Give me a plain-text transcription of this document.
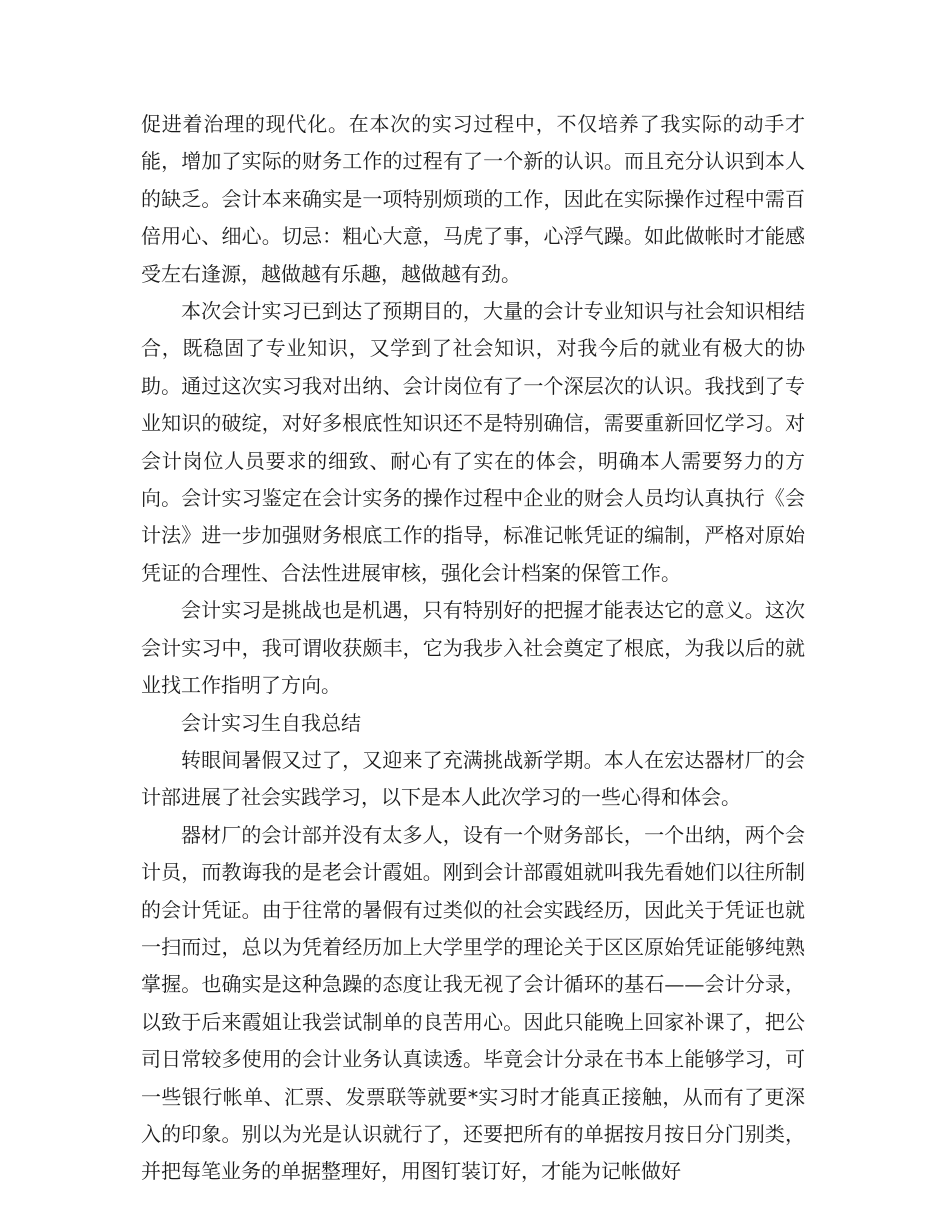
促进着治理的现代化。在本次的实习过程中，不仅培养了我实际的动手才能，增加了实际的财务工作的过程有了一个新的认识。而且充分认识到本人的缺乏。会计本来确实是一项特别烦琐的工作，因此在实际操作过程中需百倍用心、细心。切忌：粗心大意，马虎了事，心浮气躁。如此做帐时才能感受左右逢源，越做越有乐趣，越做越有劲。

本次会计实习已到达了预期目的，大量的会计专业知识与社会知识相结合，既稳固了专业知识，又学到了社会知识，对我今后的就业有极大的协助。通过这次实习我对出纳、会计岗位有了一个深层次的认识。我找到了专业知识的破绽，对好多根底性知识还不是特别确信，需要重新回忆学习。对会计岗位人员要求的细致、耐心有了实在的体会，明确本人需要努力的方向。会计实习鉴定在会计实务的操作过程中企业的财会人员均认真执行《会计法》进一步加强财务根底工作的指导，标准记帐凭证的编制，严格对原始凭证的合理性、合法性进展审核，强化会计档案的保管工作。

会计实习是挑战也是机遇，只有特别好的把握才能表达它的意义。这次会计实习中，我可谓收获颇丰，它为我步入社会奠定了根底，为我以后的就业找工作指明了方向。

会计实习生自我总结

转眼间暑假又过了，又迎来了充满挑战新学期。本人在宏达器材厂的会计部进展了社会实践学习，以下是本人此次学习的一些心得和体会。

器材厂的会计部并没有太多人，设有一个财务部长，一个出纳，两个会计员，而教诲我的是老会计霞姐。刚到会计部霞姐就叫我先看她们以往所制的会计凭证。由于往常的暑假有过类似的社会实践经历，因此关于凭证也就一扫而过，总以为凭着经历加上大学里学的理论关于区区原始凭证能够纯熟掌握。也确实是这种急躁的态度让我无视了会计循环的基石——会计分录，以致于后来霞姐让我尝试制单的良苦用心。因此只能晚上回家补课了，把公司日常较多使用的会计业务认真读透。毕竟会计分录在书本上能够学习，可一些银行帐单、汇票、发票联等就要*实习时才能真正接触，从而有了更深入的印象。别以为光是认识就行了，还要把所有的单据按月按日分门别类，并把每笔业务的单据整理好，用图钉装订好，才能为记帐做好
